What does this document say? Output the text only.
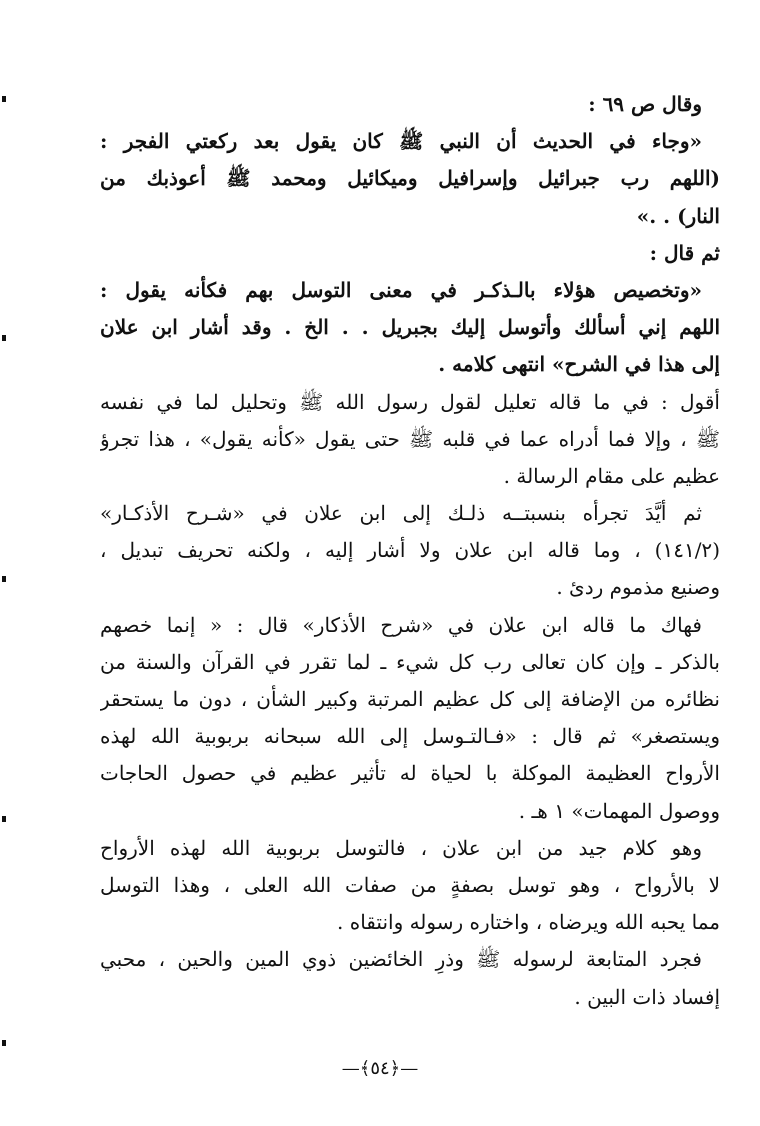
وقال ص ٦٩ :
«وجاء في الحديث أن النبي ﷺ كان يقول بعد ركعتي الفجر :
(اللهم رب جبرائيل وإسرافيل وميكائيل ومحمد ﷺ أعوذبك من
النار) . .»
ثم قال :
«وتخصيص هؤلاء بالـذكـر في معنى التوسل بهم فكأنه يقول :
اللهم إني أسألك وأتوسل إليك بجبريل . . الخ . وقد أشار ابن علان
إلى هذا في الشرح» انتهى كلامه .
أقول : في ما قاله تعليل لقول رسول الله ﷺ وتحليل لما في نفسه
ﷺ ، وإلا فما أدراه عما في قلبه ﷺ حتى يقول «كأنه يقول» ، هذا تجرؤ
عظيم على مقام الرسالة .
ثم أيَّدَ تجرأه بنسبتــه ذلـك إلى ابن علان في «شـرح الأذكـار»
(١٤١/٢) ، وما قاله ابن علان ولا أشار إليه ، ولكنه تحريف تبديل ،
وصنيع مذموم ردئ .
فهاك ما قاله ابن علان في «شرح الأذكار» قال : « إنما خصهم
بالذكر ـ وإن كان تعالى رب كل شيء ـ لما تقرر في القرآن والسنة من
نظائره من الإضافة إلى كل عظيم المرتبة وكبير الشأن ، دون ما يستحقر
ويستصغر» ثم قال : «فـالتـوسل إلى الله سبحانه بربوبية الله لهذه
الأرواح العظيمة الموكلة با لحياة له تأثير عظيم في حصول الحاجات
ووصول المهمات» ١ هـ .
وهو كلام جيد من ابن علان ، فالتوسل بربوبية الله لهذه الأرواح
لا بالأرواح ، وهو توسل بصفةٍ من صفات الله العلى ، وهذا التوسل
مما يحبه الله ويرضاه ، واختاره رسوله وانتقاه .
فجرد المتابعة لرسوله ﷺ وذرِ الخائضين ذوي المين والحين ، محبي
إفساد ذات البين .
—﴿٥٤﴾—
